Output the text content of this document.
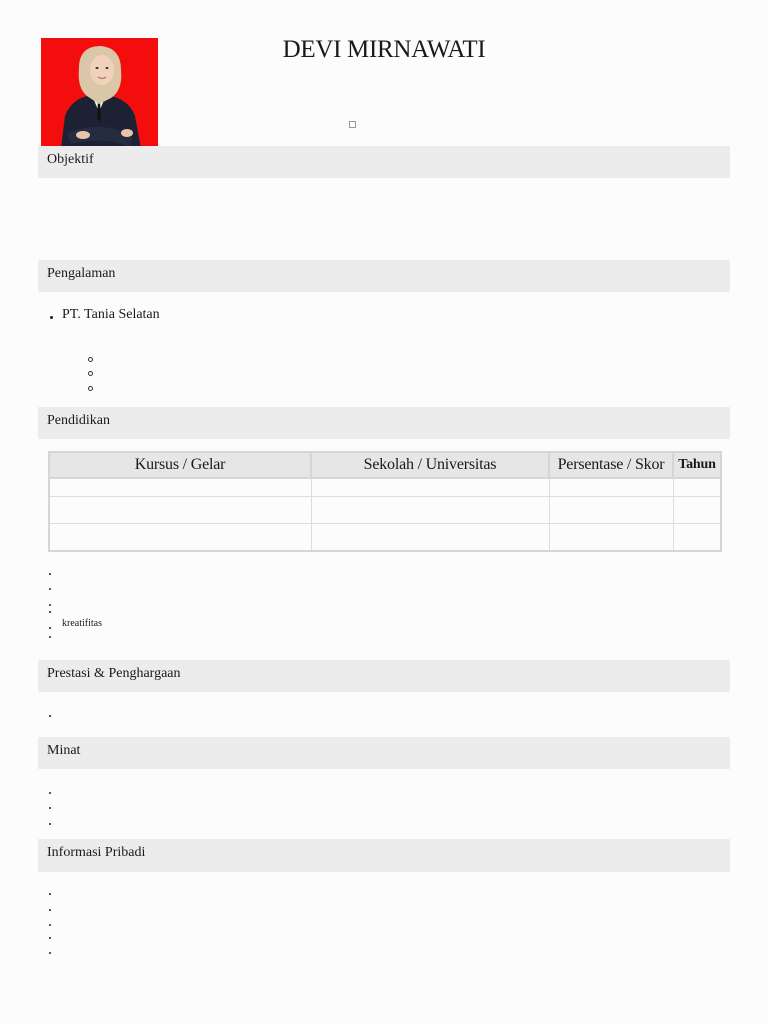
DEVI MIRNAWATI
Objektif
Pengalaman
PT. Tania Selatan
Pendidikan
Kursus / Gelar	Sekolah / Universitas	Persentase / Skor	Tahun

kreatifitas
Prestasi & Penghargaan
Minat
Informasi Pribadi
